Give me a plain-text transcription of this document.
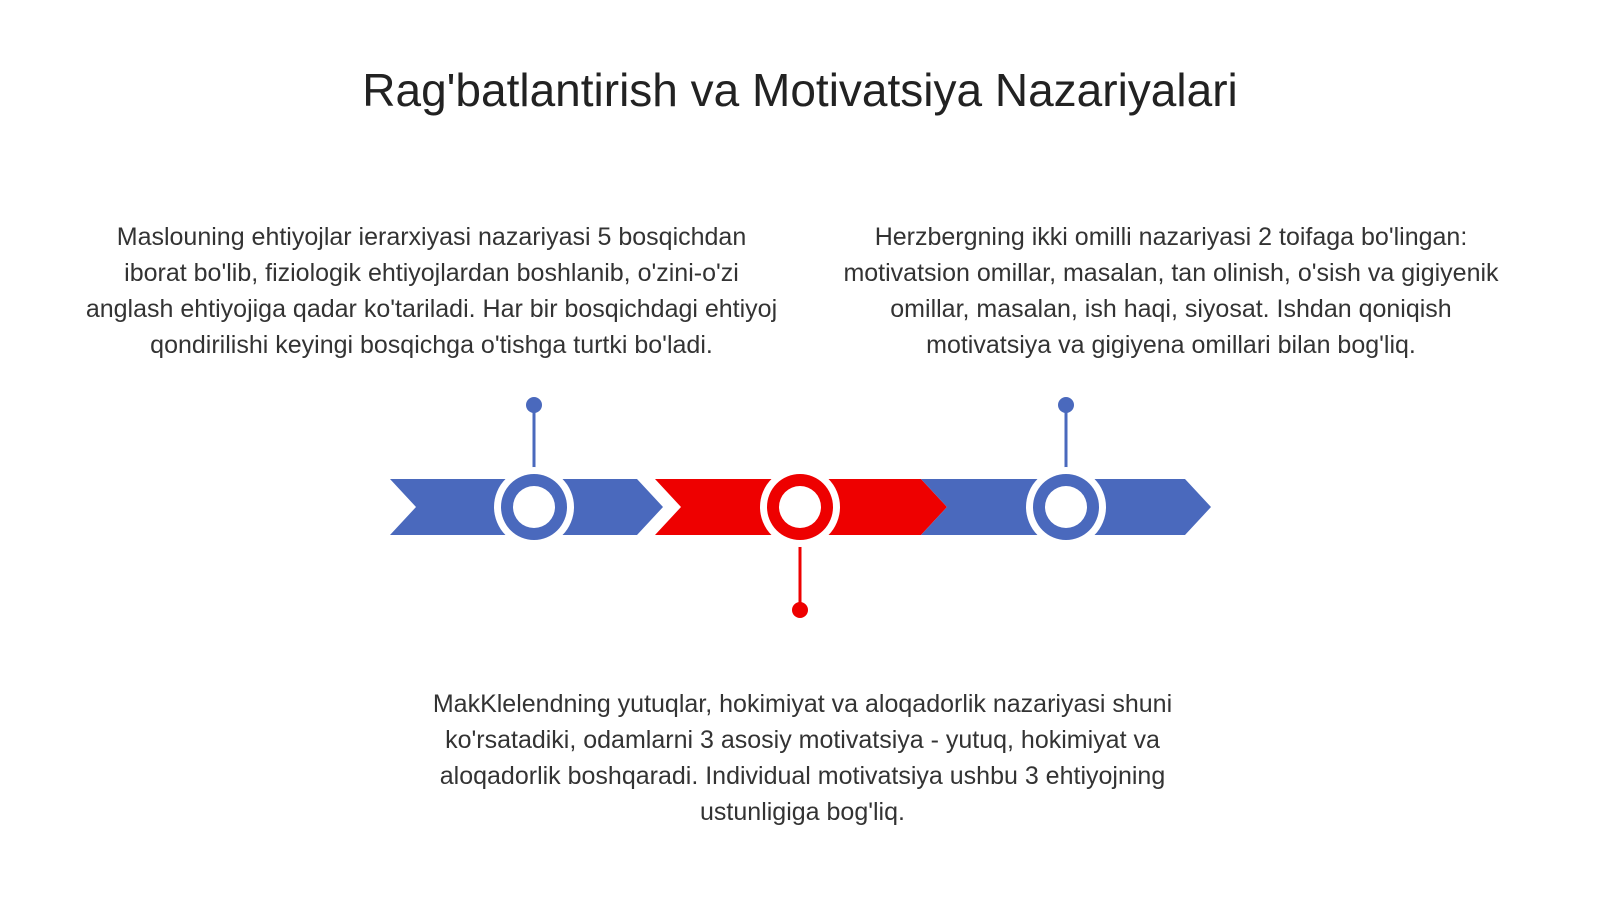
Rag'batlantirish va Motivatsiya Nazariyalari

Maslouning ehtiyojlar ierarxiyasi nazariyasi 5 bosqichdan iborat bo'lib, fiziologik ehtiyojlardan boshlanib, o'zini-o'zi anglash ehtiyojiga qadar ko'tariladi. Har bir bosqichdagi ehtiyoj qondirilishi keyingi bosqichga o'tishga turtki bo'ladi.

Herzbergning ikki omilli nazariyasi 2 toifaga bo'lingan: motivatsion omillar, masalan, tan olinish, o'sish va gigiyenik omillar, masalan, ish haqi, siyosat. Ishdan qoniqish motivatsiya va gigiyena omillari bilan bog'liq.

MakKlelendning yutuqlar, hokimiyat va aloqadorlik nazariyasi shuni ko'rsatadiki, odamlarni 3 asosiy motivatsiya - yutuq, hokimiyat va aloqadorlik boshqaradi. Individual motivatsiya ushbu 3 ehtiyojning ustunligiga bog'liq.
